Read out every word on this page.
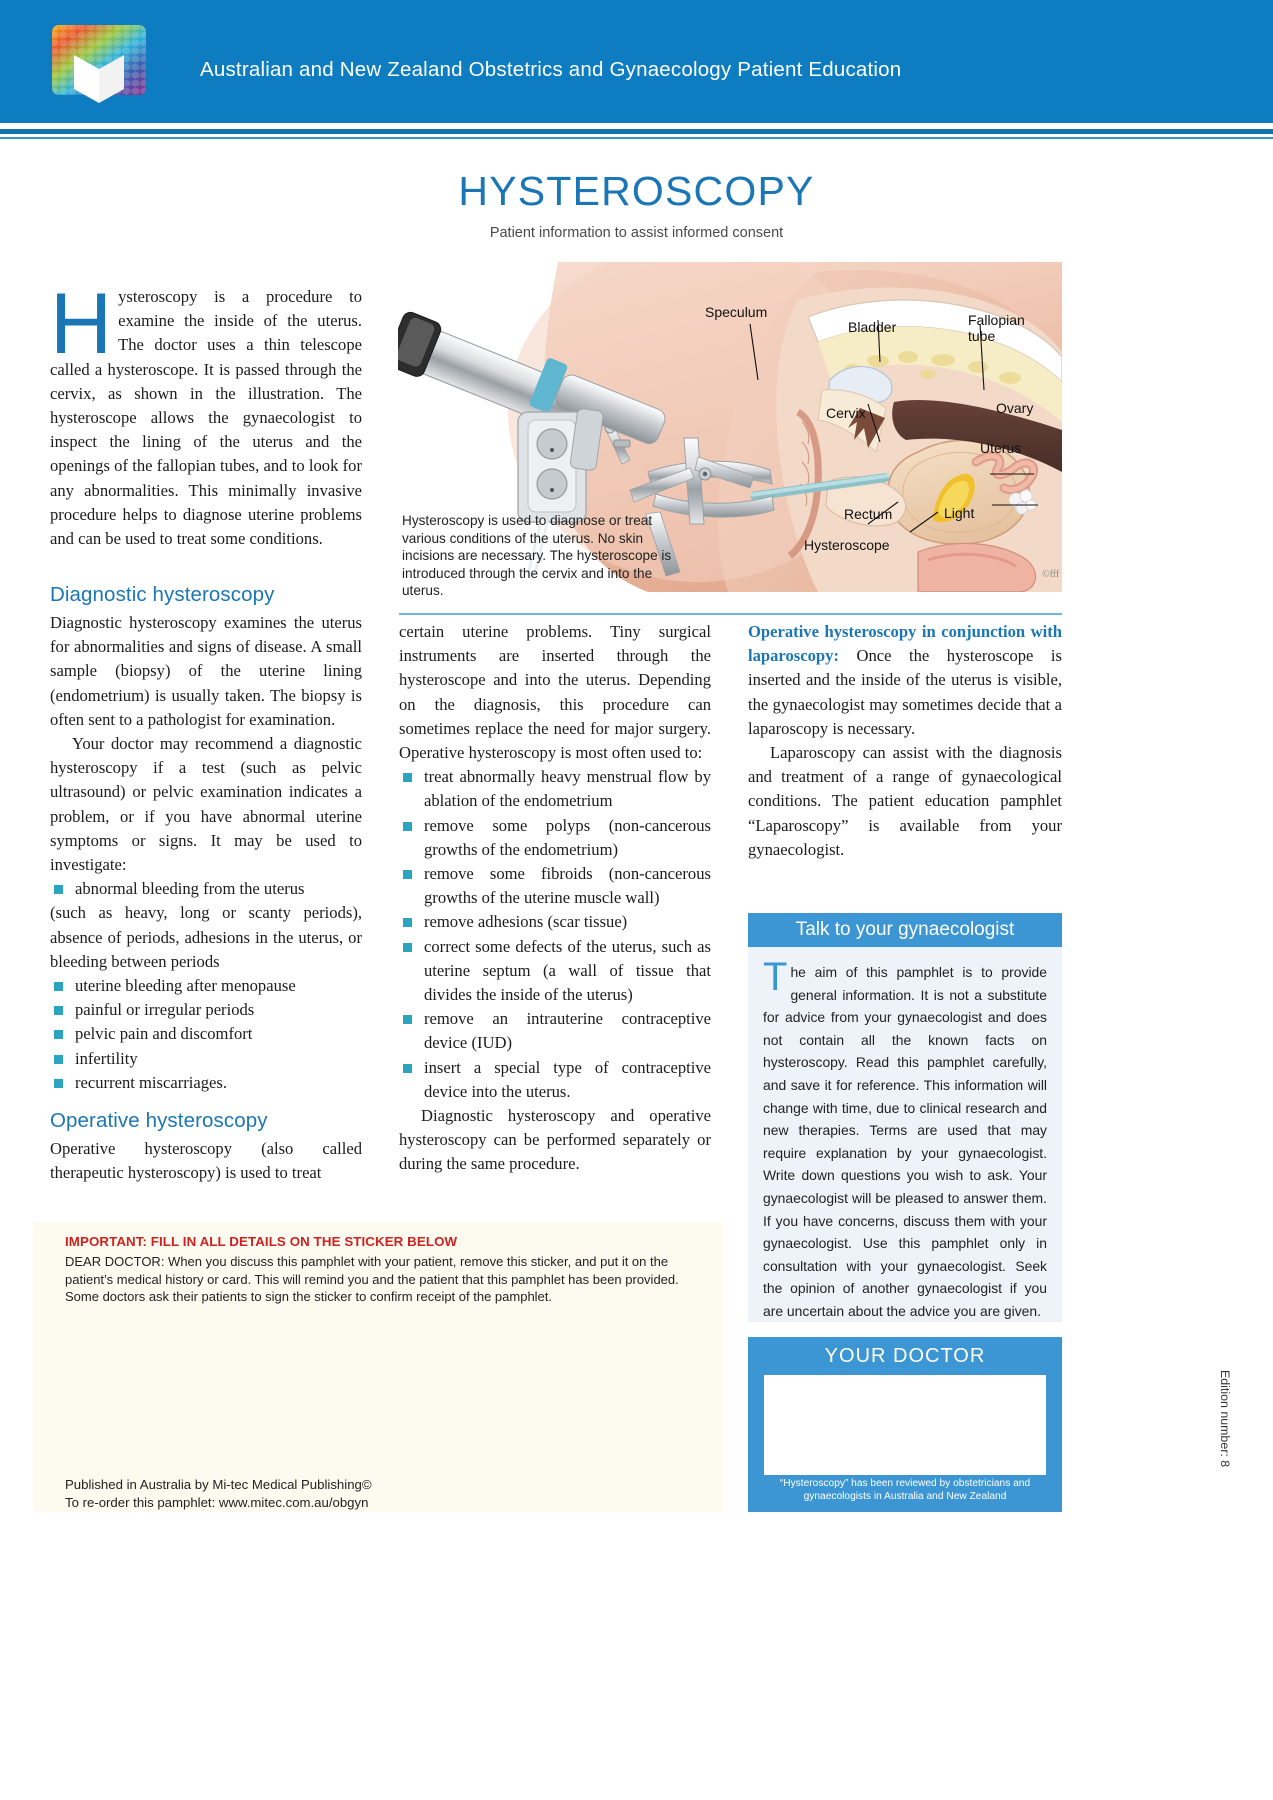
Australian and New Zealand Obstetrics and Gynaecology Patient Education
HYSTEROSCOPY
Patient information to assist informed consent
©fff
Speculum
Bladder	Fallopian
tube
Cervix	Ovary
Uterus
Rectum	Light
Hysteroscope
Hysteroscopy is used to diagnose or treat various conditions of the uterus. No skin incisions are necessary. The hysteroscope is introduced through the cervix and into the uterus.
Hysteroscopy is a procedure to examine the inside of the uterus. The doctor uses a thin telescope called a hysteroscope. It is passed through the cervix, as shown in the illustration. The hysteroscope allows the gynaecologist to inspect the lining of the uterus and the openings of the fallopian tubes, and to look for any abnormalities. This minimally invasive procedure helps to diagnose uterine problems and can be used to treat some conditions.
Diagnostic hysteroscopy

Diagnostic hysteroscopy examines the uterus for abnormalities and signs of disease. A small sample (biopsy) of the uterine lining (endometrium) is usually taken. The biopsy is often sent to a pathologist for examination.

Your doctor may recommend a diagnostic hysteroscopy if a test (such as pelvic ultrasound) or pelvic examination indicates a problem, or if you have abnormal uterine symptoms or signs. It may be used to investigate:

abnormal bleeding from the uterus
(such as heavy, long or scanty periods), absence of periods, adhesions in the uterus, or bleeding between periods
uterine bleeding after menopause
painful or irregular periods
pelvic pain and discomfort
infertility
recurrent miscarriages.
Operative hysteroscopy

Operative hysteroscopy (also called therapeutic hysteroscopy) is used to treat

certain uterine problems. Tiny surgical instruments are inserted through the hysteroscope and into the uterus. Depending on the diagnosis, this procedure can sometimes replace the need for major surgery. Operative hysteroscopy is most often used to:

treat abnormally heavy menstrual flow by ablation of the endometrium
remove some polyps (non-cancerous growths of the endometrium)
remove some fibroids (non-cancerous growths of the uterine muscle wall)
remove adhesions (scar tissue)
correct some defects of the uterus, such as uterine septum (a wall of tissue that divides the inside of the uterus)
remove an intrauterine contraceptive device (IUD)
insert a special type of contraceptive device into the uterus.

Diagnostic hysteroscopy and operative hysteroscopy can be performed separately or during the same procedure.

Operative hysteroscopy in conjunction with laparoscopy: Once the hysteroscope is inserted and the inside of the uterus is visible, the gynaecologist may sometimes decide that a laparoscopy is necessary.

Laparoscopy can assist with the diagnosis and treatment of a range of gynaecological conditions. The patient education pamphlet “Laparoscopy” is available from your gynaecologist.

Talk to your gynaecologist
The aim of this pamphlet is to provide general information. It is not a substitute for advice from your gynaecologist and does not contain all the known facts on hysteroscopy. Read this pamphlet carefully, and save it for reference. This information will change with time, due to clinical research and new therapies. Terms are used that may require explanation by your gynaecologist. Write down questions you wish to ask. Your gynaecologist will be pleased to answer them. If you have concerns, discuss them with your gynaecologist. Use this pamphlet only in consultation with your gynaecologist. Seek the opinion of another gynaecologist if you are uncertain about the advice you are given.
YOUR DOCTOR
“Hysteroscopy” has been reviewed by obstetricians and gynaecologists in Australia and New Zealand
IMPORTANT: FILL IN ALL DETAILS ON THE STICKER BELOW
DEAR DOCTOR: When you discuss this pamphlet with your patient, remove this sticker, and put it on the patient’s medical history or card. This will remind you and the patient that this pamphlet has been provided. Some doctors ask their patients to sign the sticker to confirm receipt of the pamphlet.
Published in Australia by Mi-tec Medical Publishing©
To re-order this pamphlet: www.mitec.com.au/obgyn
Edition number: 8
